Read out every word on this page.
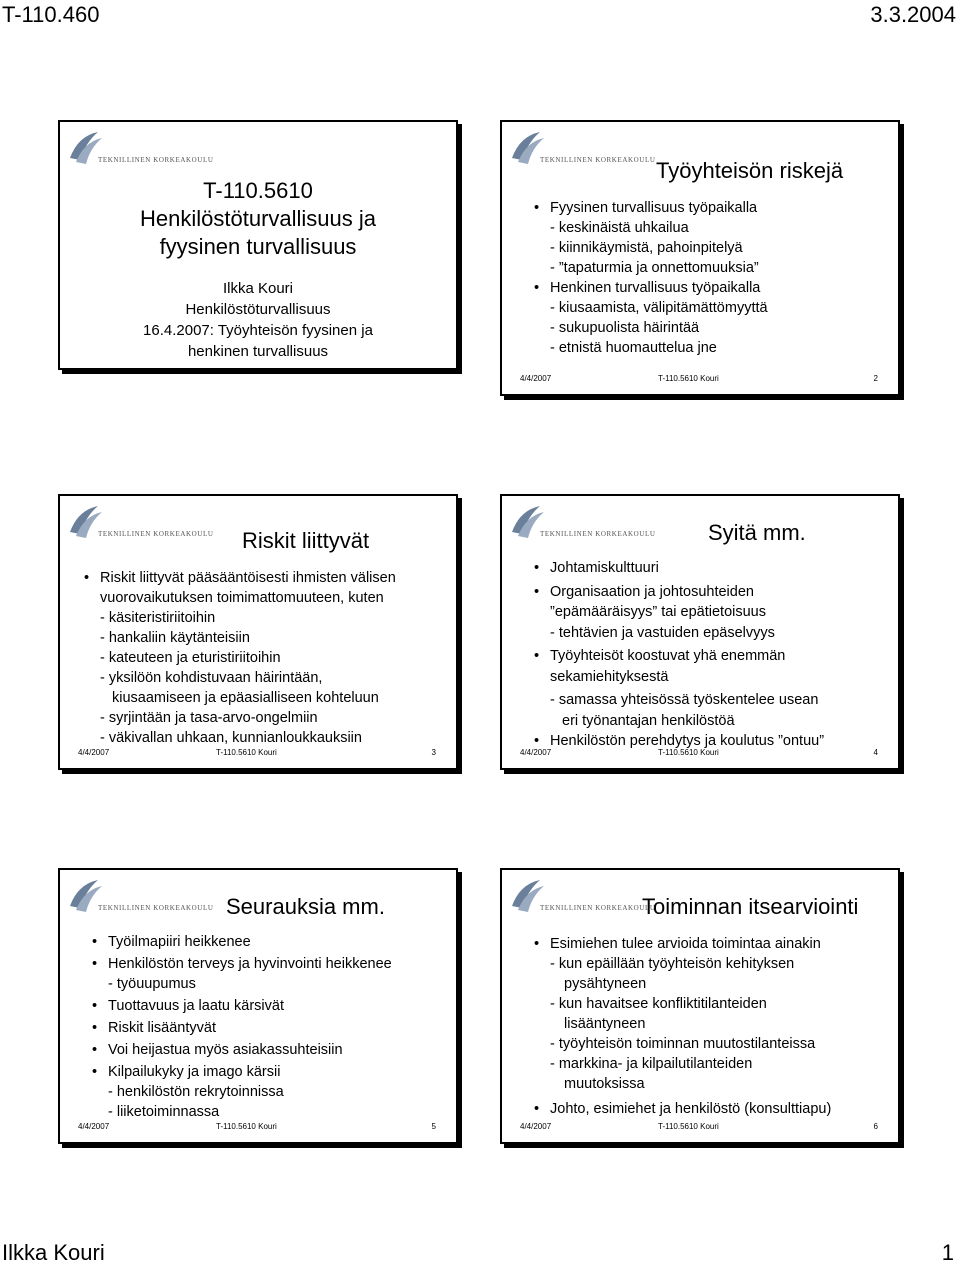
T-110.460	3.3.2004
TEKNILLINEN KORKEAKOULU
T-110.5610
Henkilöstöturvallisuus ja
fyysinen turvallisuus
Ilkka Kouri
Henkilöstöturvallisuus
16.4.2007: Työyhteisön fyysinen ja
henkinen turvallisuus
TEKNILLINEN KORKEAKOULU Työyhteisön riskejä
• Fyysinen turvallisuus työpaikalla
- keskinäistä uhkailua
- kiinnikäymistä, pahoinpitelyä
- ”tapaturmia ja onnettomuuksia”
• Henkinen turvallisuus työpaikalla
- kiusaamista, välipitämättömyyttä
- sukupuolista häirintää
- etnistä huomauttelua jne
4/4/2007	T-110.5610 Kouri	2
TEKNILLINEN KORKEAKOULU Riskit liittyvät
• Riskit liittyvät pääsääntöisesti ihmisten välisen
vuorovaikutuksen toimimattomuuteen, kuten
- käsiteristiriitoihin
- hankaliin käytänteisiin
- kateuteen ja eturistiriitoihin
- yksilöön kohdistuvaan häirintään,
kiusaamiseen ja epäasialliseen kohteluun
- syrjintään ja tasa-arvo-ongelmiin
- väkivallan uhkaan, kunnianloukkauksiin
4/4/2007	T-110.5610 Kouri	3
TEKNILLINEN KORKEAKOULU Syitä mm.
• Johtamiskulttuuri
• Organisaation ja johtosuhteiden
”epämääräisyys” tai epätietoisuus
- tehtävien ja vastuiden epäselvyys
• Työyhteisöt koostuvat yhä enemmän
sekamiehityksestä
- samassa yhteisössä työskentelee usean
eri työnantajan henkilöstöä
• Henkilöstön perehdytys ja koulutus ”ontuu”
4/4/2007	T-110.5610 Kouri	4
TEKNILLINEN KORKEAKOULU Seurauksia mm.
• Työilmapiiri heikkenee
• Henkilöstön terveys ja hyvinvointi heikkenee
- työuupumus
• Tuottavuus ja laatu kärsivät
• Riskit lisääntyvät
• Voi heijastua myös asiakassuhteisiin
• Kilpailukyky ja imago kärsii
- henkilöstön rekrytoinnissa
- liiketoiminnassa
4/4/2007	T-110.5610 Kouri	5
TEKNILLINEN KORKEAKOULU
Toiminnan itsearviointi
• Esimiehen tulee arvioida toimintaa ainakin
- kun epäillään työyhteisön kehityksen
pysähtyneen
- kun havaitsee konfliktitilanteiden
lisääntyneen
- työyhteisön toiminnan muutostilanteissa
- markkina- ja kilpailutilanteiden
muutoksissa
• Johto, esimiehet ja henkilöstö (konsulttiapu)
4/4/2007	T-110.5610 Kouri	6
Ilkka Kouri	1
